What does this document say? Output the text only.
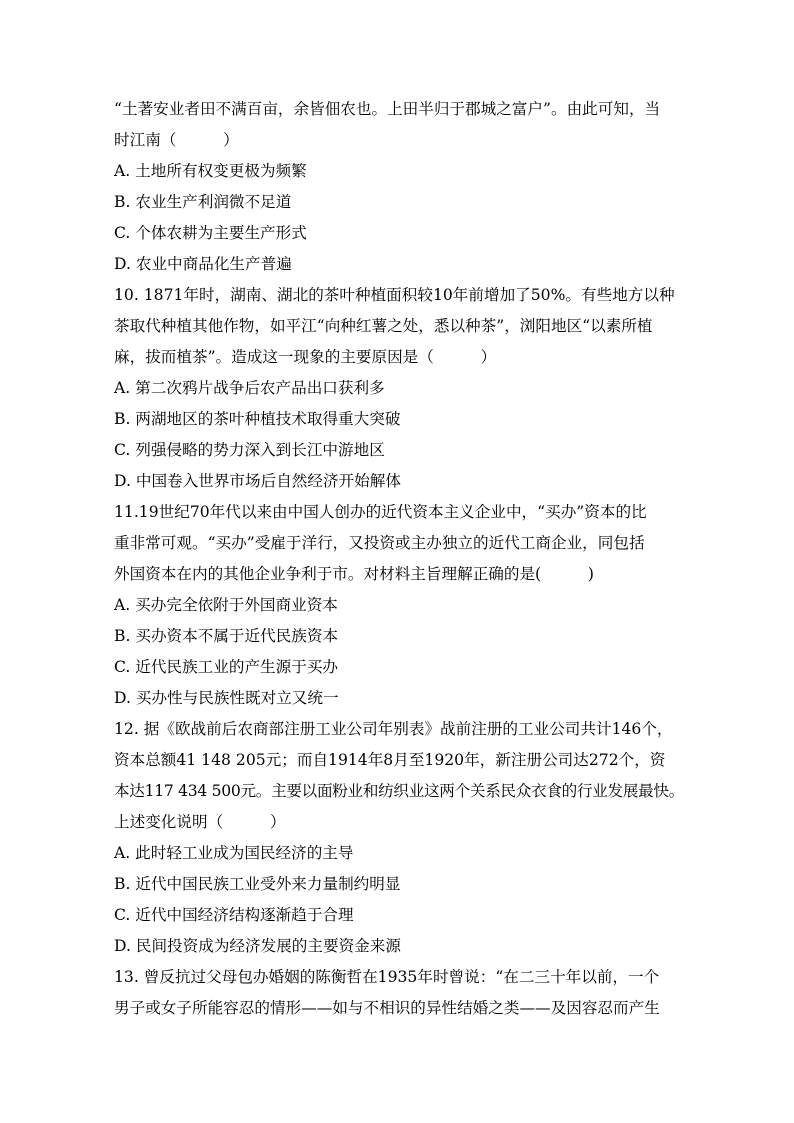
“土著安业者田不满百亩，余皆佃农也。上田半归于郡城之富户”。由此可知，当

时江南（　　　）

A. 土地所有权变更极为频繁

B. 农业生产利润微不足道

C. 个体农耕为主要生产形式

D. 农业中商品化生产普遍

10. 1871年时，湖南、湖北的茶叶种植面积较10年前增加了50%。有些地方以种

茶取代种植其他作物，如平江“向种红薯之处，悉以种茶”，浏阳地区“以素所植

麻，拔而植茶”。造成这一现象的主要原因是（　　　）

A. 第二次鸦片战争后农产品出口获利多

B. 两湖地区的茶叶种植技术取得重大突破

C. 列强侵略的势力深入到长江中游地区

D. 中国卷入世界市场后自然经济开始解体

11.19世纪70年代以来由中国人创办的近代资本主义企业中，“买办”资本的比

重非常可观。“买办”受雇于洋行，又投资或主办独立的近代工商企业，同包括

外国资本在内的其他企业争利于市。对材料主旨理解正确的是(　　　)

A. 买办完全依附于外国商业资本

B. 买办资本不属于近代民族资本

C. 近代民族工业的产生源于买办

D. 买办性与民族性既对立又统一

12. 据《欧战前后农商部注册工业公司年别表》战前注册的工业公司共计146个，

资本总额41 148 205元；而自1914年8月至1920年，新注册公司达272个，资

本达117 434 500元。主要以面粉业和纺织业这两个关系民众衣食的行业发展最快。

上述变化说明（　　　）

A. 此时轻工业成为国民经济的主导

B. 近代中国民族工业受外来力量制约明显

C. 近代中国经济结构逐渐趋于合理

D. 民间投资成为经济发展的主要资金来源

13. 曾反抗过父母包办婚姻的陈衡哲在1935年时曾说：“在二三十年以前，一个

男子或女子所能容忍的情形——如与不相识的异性结婚之类——及因容忍而产生
